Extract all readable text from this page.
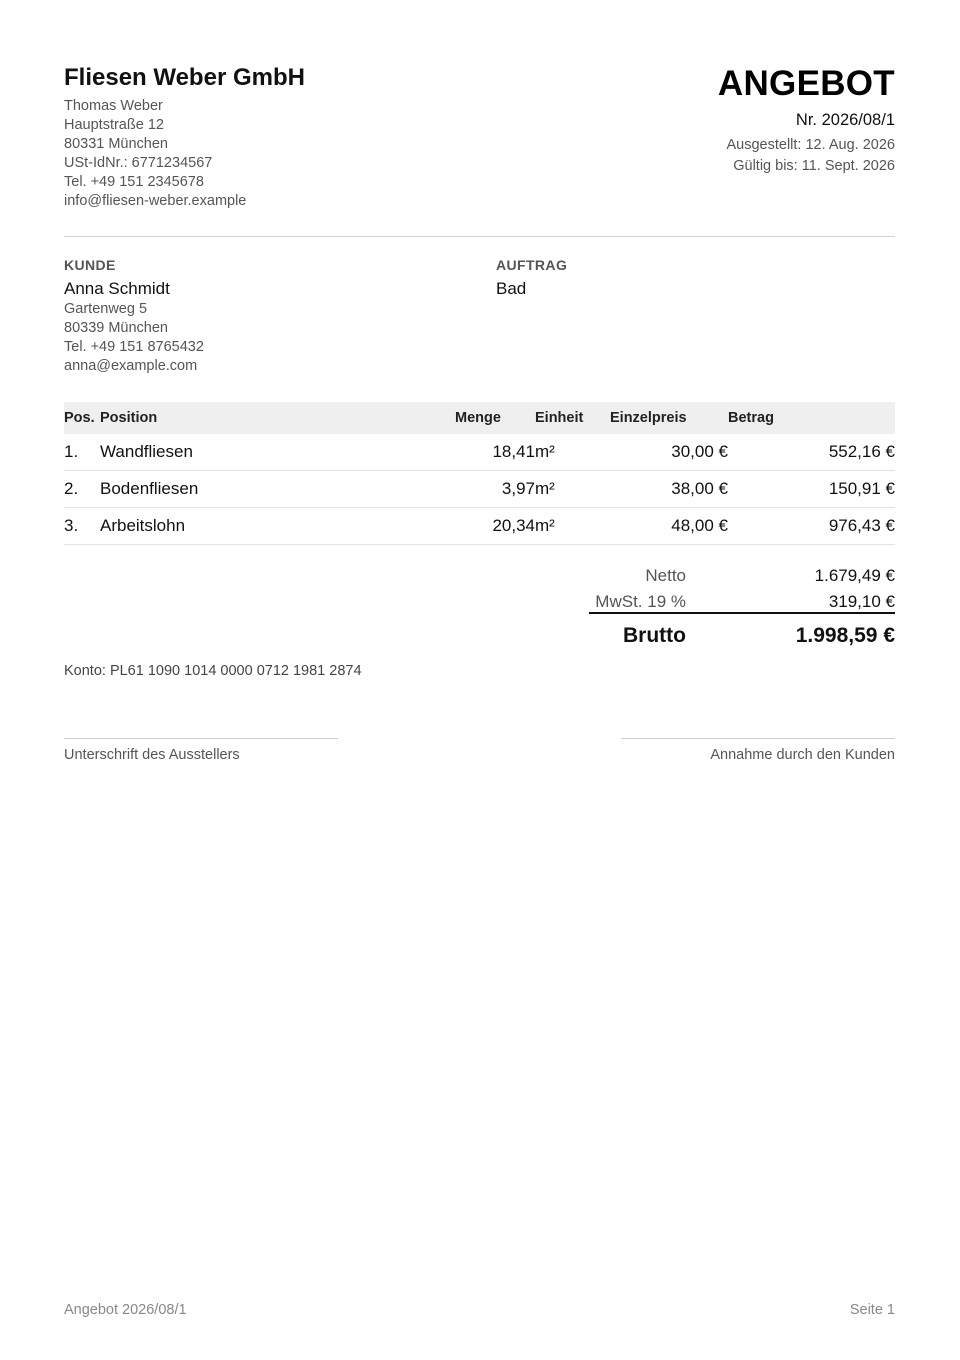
Fliesen Weber GmbH
Thomas Weber
Hauptstraße 12
80331 München
USt-IdNr.: 6771234567
Tel. +49 151 2345678
info@fliesen-weber.example
ANGEBOT
Nr. 2026/08/1
Ausgestellt: 12. Aug. 2026
Gültig bis: 11. Sept. 2026
KUNDE
Anna Schmidt
Gartenweg 5
80339 München
Tel. +49 151 8765432
anna@example.com
AUFTRAG
Bad
Pos.	Position	Menge	Einheit	Einzelpreis	Betrag
1.	Wandfliesen	18,41	m²	30,00 €	552,16 €
2.	Bodenfliesen	3,97	m²	38,00 €	150,91 €
3.	Arbeitslohn	20,34	m²	48,00 €	976,43 €
Netto	1.679,49 €
MwSt. 19 %	319,10 €
Brutto	1.998,59 €
Konto: PL61 1090 1014 0000 0712 1981 2874
Unterschrift des Ausstellers	Annahme durch den Kunden
Angebot 2026/08/1	Seite 1
